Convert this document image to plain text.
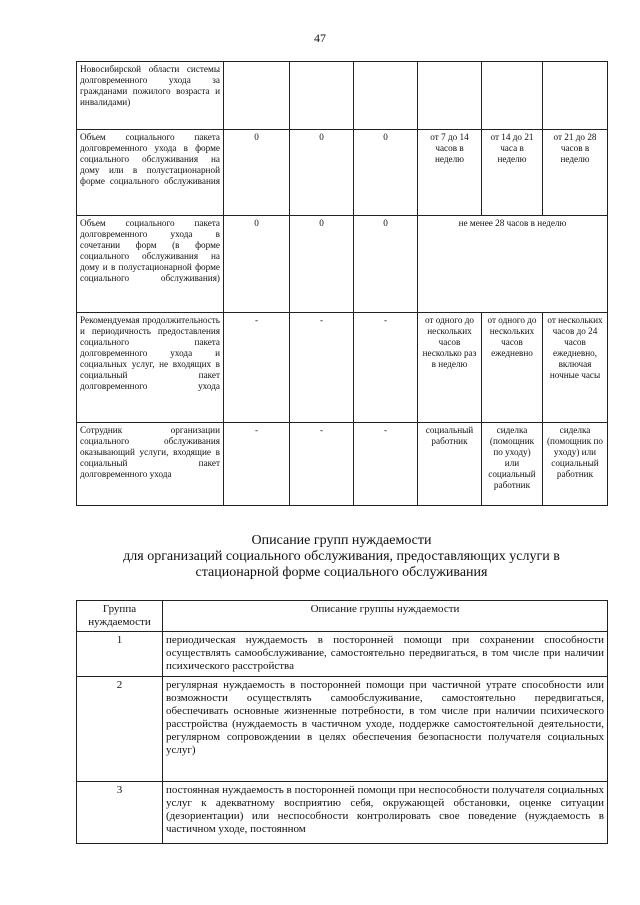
47
Новосибирской области системы долговременного ухода за гражданами пожилого возраста и инвалидами)						
Объем социального пакета долговременного ухода в форме социального обслуживания на дому или в полустационарной форме социального обслуживания	0	0	0	от 7 до 14 часов в неделю	от 14 до 21 часа в неделю	от 21 до 28 часов в неделю
Объем социального пакета долговременного ухода в сочетании форм (в форме социального обслуживания на дому и в полустационарной форме социального обслуживания)	0	0	0	не менее 28 часов в неделю		
Рекомендуемая продолжительность и периодичность предоставления социального пакета долговременного ухода и социальных услуг, не входящих в социальный пакет долговременного ухода	-	-	-	от одного до нескольких часов несколько раз в неделю	от одного до нескольких часов ежедневно	от нескольких часов до 24 часов ежедневно, включая ночные часы
Сотрудник организации социального обслуживания оказывающий услуги, входящие в социальный пакет долговременного ухода	-	-	-	социальный работник	сиделка (помощник по уходу) или социальный работник	сиделка (помощник по уходу) или социальный работник
Описание групп нуждаемости
для организаций социального обслуживания, предоставляющих услуги в
стационарной форме социального обслуживания
Группа нуждаемости	Описание группы нуждаемости
1	периодическая нуждаемость в посторонней помощи при сохранении способности осуществлять самообслуживание, самостоятельно передвигаться, в том числе при наличии психического расстройства
2	регулярная нуждаемость в посторонней помощи при частичной утрате способности или возможности осуществлять самообслуживание, самостоятельно передвигаться, обеспечивать основные жизненные потребности, в том числе при наличии психического расстройства (нуждаемость в частичном уходе, поддержке самостоятельной деятельности, регулярном сопровождении в целях обеспечения безопасности получателя социальных услуг)
3	постоянная нуждаемость в посторонней помощи при неспособности получателя социальных услуг к адекватному восприятию себя, окружающей обстановки, оценке ситуации (дезориентации) или неспособности контролировать свое поведение (нуждаемость в частичном уходе, постоянном
